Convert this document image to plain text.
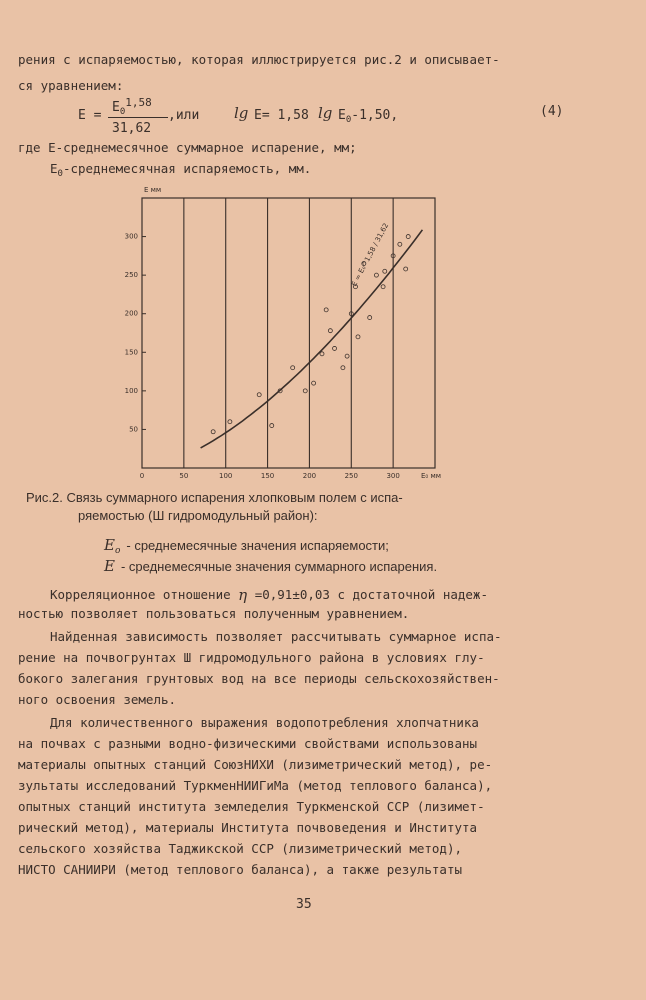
рения с испаряемостью, которая иллюстрируется рис.2 и описывает-
ся уравнением:
E =
$E_0^{1,58}$
31,62
,или lg E= 1,58 $\lg E_0-1,50$,	(4)
где E-среднемесячное суммарное испарение, мм;
$E_0$-среднемесячная испаряемость, мм.
0	50	100	150	200	250	300
50
100
150
200
250
300
E мм
E₀ мм
E = E₀^1,58 / 31,62
Рис.2. Связь суммарного испарения хлопковым полем с испа-
ряемостью (Ш гидромодульный район):
$E_o$ - среднемесячные значения испаряемости;
E - среднемесячные значения суммарного испарения.
Корреляционное отношение η =0,91±0,03 с достаточной надеж-
ностью позволяет пользоваться полученным уравнением.
Найденная зависимость позволяет рассчитывать суммарное испа-
рение на почвогрунтах Ш гидромодульного района в условиях глу-
бокого залегания грунтовых вод на все периоды сельскохозяйствен-
ного освоения земель.
Для количественного выражения водопотребления хлопчатника
на почвах с разными водно-физическими свойствами использованы
материалы опытных станций СоюзНИХИ (лизиметрический метод), ре-
зультаты исследований ТуркменНИИГиМа (метод теплового баланса),
опытных станций института земледелия Туркменской ССР (лизимет-
рический метод), материалы Института почвоведения и Института
сельского хозяйства Таджикской ССР (лизиметрический метод),
НИСТО САНИИРИ (метод теплового баланса), а также результаты
35
